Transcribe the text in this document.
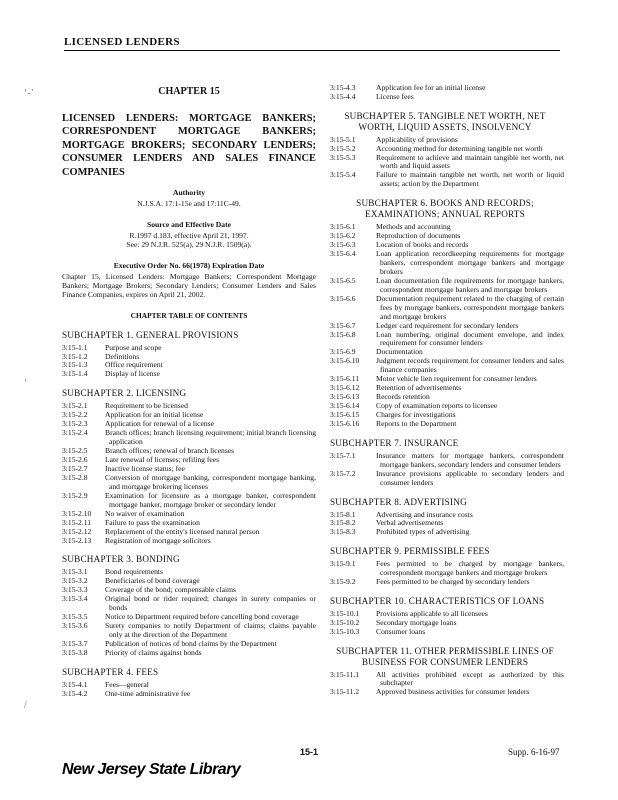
LICENSED LENDERS
‘-’
‘
/
CHAPTER 15
LICENSED LENDERS: MORTGAGE BANKERS; CORRESPONDENT MORTGAGE BANKERS; MORTGAGE BROKERS; SECONDARY LENDERS; CONSUMER LENDERS AND SALES FINANCE COMPANIES
Authority
N.J.S.A. 17:1-15e and 17:11C-49.
Source and Effective Date
R.1997 d.183, effective April 21, 1997.
See: 29 N.J.R. 525(a), 29 N.J.R. 1509(a).
Executive Order No. 66(1978) Expiration Date
Chapter 15, Licensed Lenders: Mortgage Bankers; Correspondent Mortgage Bankers; Mortgage Brokers; Secondary Lenders; Consumer Lenders and Sales Finance Companies, expires on April 21, 2002.
CHAPTER TABLE OF CONTENTS
SUBCHAPTER 1. GENERAL PROVISIONS
3:15-1.1	Purpose and scope
3:15-1.2	Definitions
3:15-1.3	Office requirement
3:15-1.4	Display of license
SUBCHAPTER 2. LICENSING
3:15-2.1	Requirement to be licensed
3:15-2.2	Application for an initial license
3:15-2.3	Application for renewal of a license
3:15-2.4	Branch offices; branch licensing requirement; initial branch licensing application
3:15-2.5	Branch offices; renewal of branch licenses
3:15-2.6	Late renewal of licenses; refiling fees
3:15-2.7	Inactive license status; fee
3:15-2.8	Conversion of mortgage banking, correspondent mortgage banking, and mortgage brokering licenses
3:15-2.9	Examination for licensure as a mortgage banker, correspondent mortgage banker, mortgage broker or secondary lender
3:15-2.10	No waiver of examination
3:15-2.11	Failure to pass the examination
3:15-2.12	Replacement of the entity's licensed natural person
3:15-2.13	Registration of mortgage solicitors
SUBCHAPTER 3. BONDING
3:15-3.1	Bond requirements
3:15-3.2	Beneficiaries of bond coverage
3:15-3.3	Coverage of the bond; compensable claims
3:15-3.4	Original bond or rider required; changes in surety companies or bonds
3:15-3.5	Notice to Department required before cancelling bond coverage
3:15-3.6	Surety companies to notify Department of claims; claims payable only at the direction of the Department
3:15-3.7	Publication of notices of bond claims by the Department
3:15-3.8	Priority of claims against bonds
SUBCHAPTER 4. FEES
3:15-4.1	Fees—general
3:15-4.2	One-time administrative fee
3:15-4.3	Application fee for an initial license
3:15-4.4	License fees
SUBCHAPTER 5. TANGIBLE NET WORTH, NET WORTH, LIQUID ASSETS, INSOLVENCY
3:15-5.1	Applicability of provisions
3:15-5.2	Accounting method for determining tangible net worth
3:15-5.3	Requirement to achieve and maintain tangible net worth, net worth and liquid assets
3:15-5.4	Failure to maintain tangible net worth, net worth or liquid assets; action by the Department
SUBCHAPTER 6. BOOKS AND RECORDS; EXAMINATIONS; ANNUAL REPORTS
3:15-6.1	Methods and accounting
3:15-6.2	Reproduction of documents
3:15-6.3	Location of books and records
3:15-6.4	Loan application recordkeeping requirements for mortgage bankers, correspondent mortgage bankers and mortgage brokers
3:15-6.5	Loan documentation file requirements for mortgage bankers, correspondent mortgage bankers and mortgage brokers
3:15-6.6	Documentation requirement related to the charging of certain fees by mortgage bankers, correspondent mortgage bankers and mortgage brokers
3:15-6.7	Ledger card requirement for secondary lenders
3:15-6.8	Loan numbering, original document envelope, and index requirement for consumer lenders
3:15-6.9	Documentation
3:15-6.10	Judgment records requirement for consumer lenders and sales finance companies
3:15-6.11	Motor vehicle lien requirement for consumer lenders
3:15-6.12	Retention of advertisements
3:15-6.13	Records retention
3:15-6.14	Copy of examination reports to licensee
3:15-6.15	Charges for investigations
3:15-6.16	Reports to the Department
SUBCHAPTER 7. INSURANCE
3:15-7.1	Insurance matters for mortgage bankers, correspondent mortgage bankers, secondary lenders and consumer lenders
3:15-7.2	Insurance provisions applicable to secondary lenders and consumer lenders
SUBCHAPTER 8. ADVERTISING
3:15-8.1	Advertising and insurance costs
3:15-8.2	Verbal advertisements
3:15-8.3	Prohibited types of advertising
SUBCHAPTER 9. PERMISSIBLE FEES
3:15-9.1	Fees permitted to be charged by mortgage bankers, correspondent mortgage bankers and mortgage brokers
3:15-9.2	Fees permitted to be charged by secondary lenders
SUBCHAPTER 10. CHARACTERISTICS OF LOANS
3:15-10.1	Provisions applicable to all licensees
3:15-10.2	Secondary mortgage loans
3:15-10.3	Consumer loans
SUBCHAPTER 11. OTHER PERMISSIBLE LINES OF BUSINESS FOR CONSUMER LENDERS
3:15-11.1	All activities prohibited except as authorized by this subchapter
3:15-11.2	Approved business activities for consumer lenders
15-1	Supp. 6-16-97
New Jersey State Library
